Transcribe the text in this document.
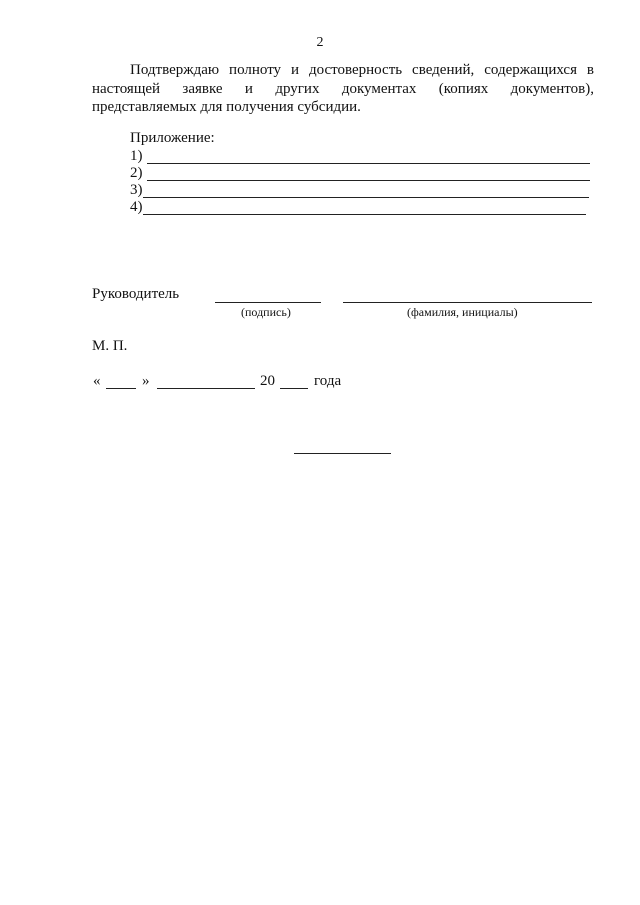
2
Подтверждаю полноту и достоверность сведений, содержащихся в
настоящей заявке и других документах (копиях документов),
представляемых для получения субсидии.
Приложение:
1)
2)
3)
4)
Руководитель
(подпись)	(фамилия, инициалы)
М. П.
«	»	20	года
